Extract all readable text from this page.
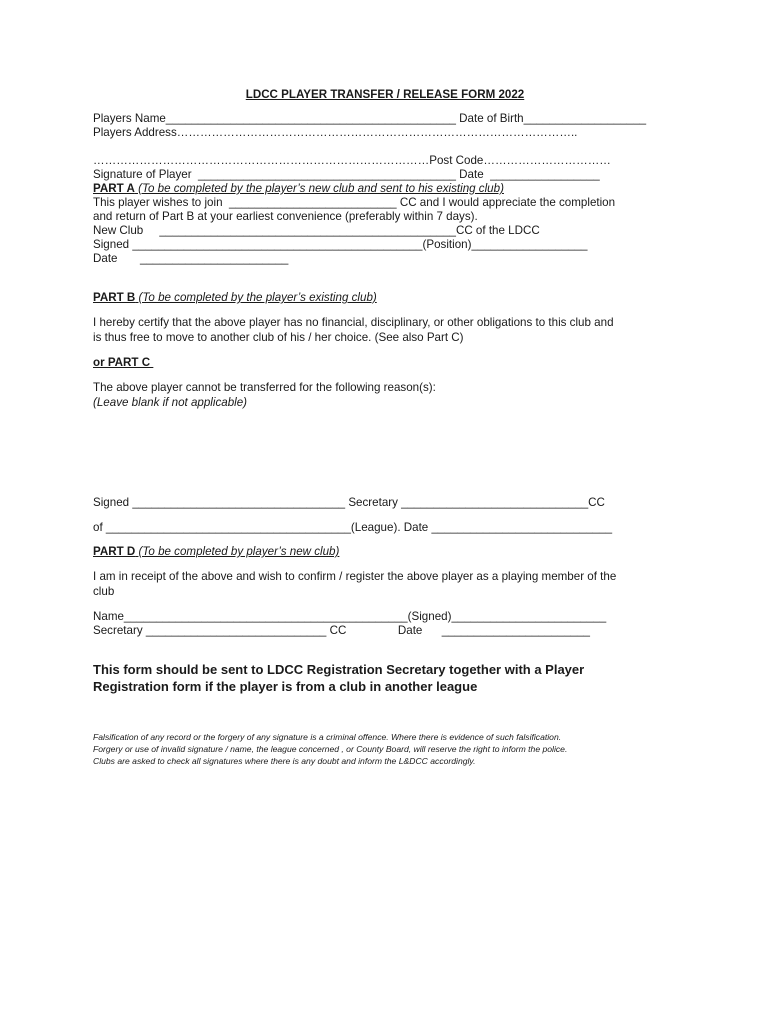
LDCC PLAYER TRANSFER / RELEASE FORM 2022
Players Name_____________________________________________ Date of Birth___________________
Players Address…………………………………………………………………………………………..
……………………………………………………………………………Post Code……………………………
Signature of Player  ________________________________________ Date  _________________
PART A (To be completed by the player’s new club and sent to his existing club)
This player wishes to join  __________________________ CC and I would appreciate the completion
and return of Part B at your earliest convenience (preferably within 7 days).
New Club     ______________________________________________CC of the LDCC
Signed _____________________________________________(Position)__________________
Date       _______________________
PART B (To be completed by the player’s existing club)
I hereby certify that the above player has no financial, disciplinary, or other obligations to this club and
is thus free to move to another club of his / her choice. (See also Part C)
or PART C
The above player cannot be transferred for the following reason(s):
(Leave blank if not applicable)
Signed _________________________________ Secretary _____________________________CC
of ______________________________________(League). Date ____________________________
PART D (To be completed by player’s new club)
I am in receipt of the above and wish to confirm / register the above player as a playing member of the
club
Name____________________________________________(Signed)________________________
Secretary ____________________________ CC                Date      _______________________
This form should be sent to LDCC Registration Secretary together with a Player
Registration form if the player is from a club in another league
Falsification of any record or the forgery of any signature is a criminal offence. Where there is evidence of such falsification.
Forgery or use of invalid signature / name, the league concerned , or County Board, will reserve the right to inform the police.
Clubs are asked to check all signatures where there is any doubt and inform the L&DCC accordingly.
